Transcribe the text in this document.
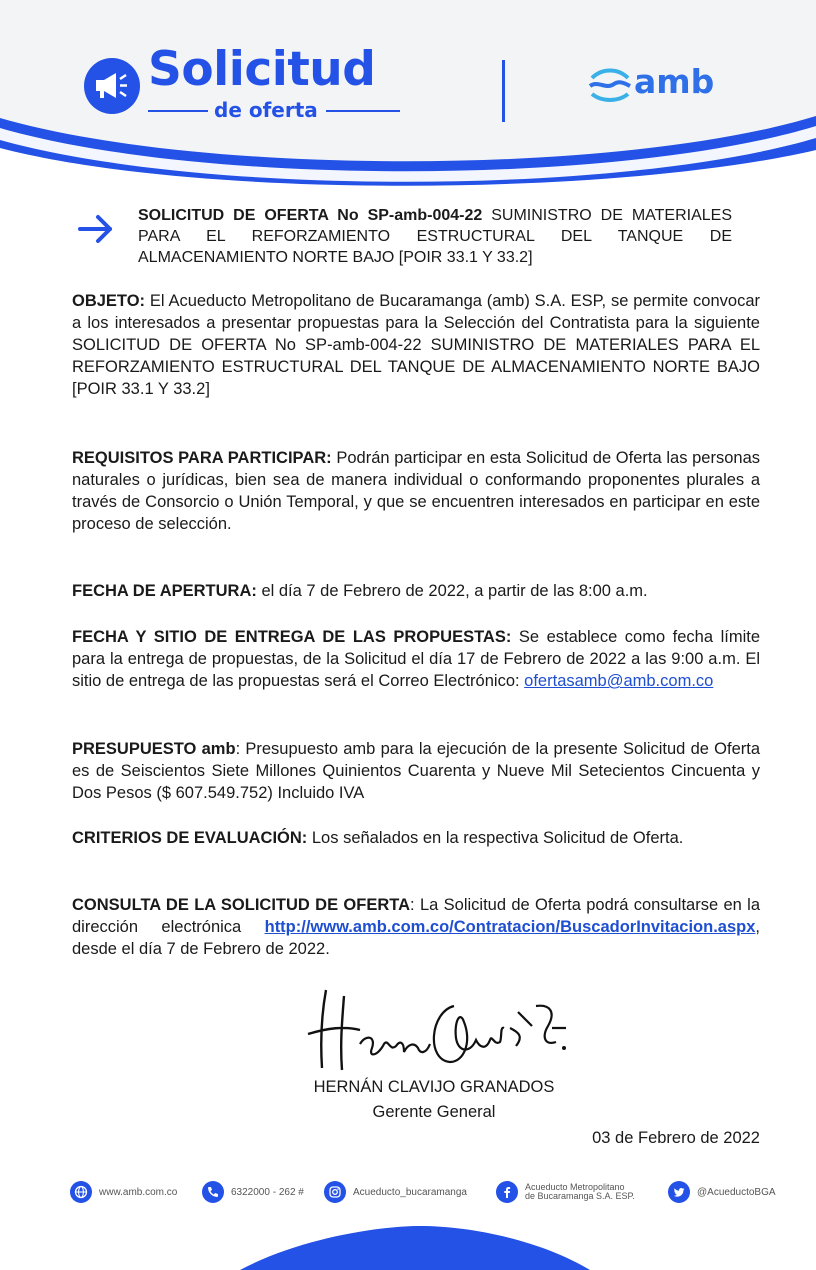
Solicitud
de oferta
amb
SOLICITUD DE OFERTA No SP-amb-004-22 SUMINISTRO DE MATERIALES PARA EL REFORZAMIENTO ESTRUCTURAL DEL TANQUE DE ALMACENAMIENTO NORTE BAJO [POIR 33.1 Y 33.2]
OBJETO: El Acueducto Metropolitano de Bucaramanga (amb) S.A. ESP, se permite convocar a los interesados a presentar propuestas para la Selección del Contratista para la siguiente SOLICITUD DE OFERTA No SP-amb-004-22 SUMINISTRO DE MATERIALES PARA EL REFORZAMIENTO ESTRUCTURAL DEL TANQUE DE ALMACENAMIENTO NORTE BAJO [POIR 33.1 Y 33.2]
REQUISITOS PARA PARTICIPAR: Podrán participar en esta Solicitud de Oferta las personas naturales o jurídicas, bien sea de manera individual o conformando proponentes plurales a través de Consorcio o Unión Temporal, y que se encuentren interesados en participar en este proceso de selección.
FECHA DE APERTURA: el día 7 de Febrero de 2022, a partir de las 8:00 a.m.
FECHA Y SITIO DE ENTREGA DE LAS PROPUESTAS: Se establece como fecha límite para la entrega de propuestas, de la Solicitud el día 17 de Febrero de 2022 a las 9:00 a.m. El sitio de entrega de las propuestas será el Correo Electrónico: ofertasamb@amb.com.co
PRESUPUESTO amb: Presupuesto amb para la ejecución de la presente Solicitud de Oferta es de Seiscientos Siete Millones Quinientos Cuarenta y Nueve Mil Setecientos Cincuenta y Dos Pesos ($ 607.549.752) Incluido IVA
CRITERIOS DE EVALUACIÓN: Los señalados en la respectiva Solicitud de Oferta.
CONSULTA DE LA SOLICITUD DE OFERTA: La Solicitud de Oferta podrá consultarse en la dirección electrónica http://www.amb.com.co/Contratacion/BuscadorInvitacion.aspx, desde el día 7 de Febrero de 2022.
HERNÁN CLAVIJO GRANADOS
Gerente General
03 de Febrero de 2022
www.amb.com.co	6322000 - 262 #	Acueducto_bucaramanga	Acueducto Metropolitano
de Bucaramanga S.A. ESP.	@AcueductoBGA
